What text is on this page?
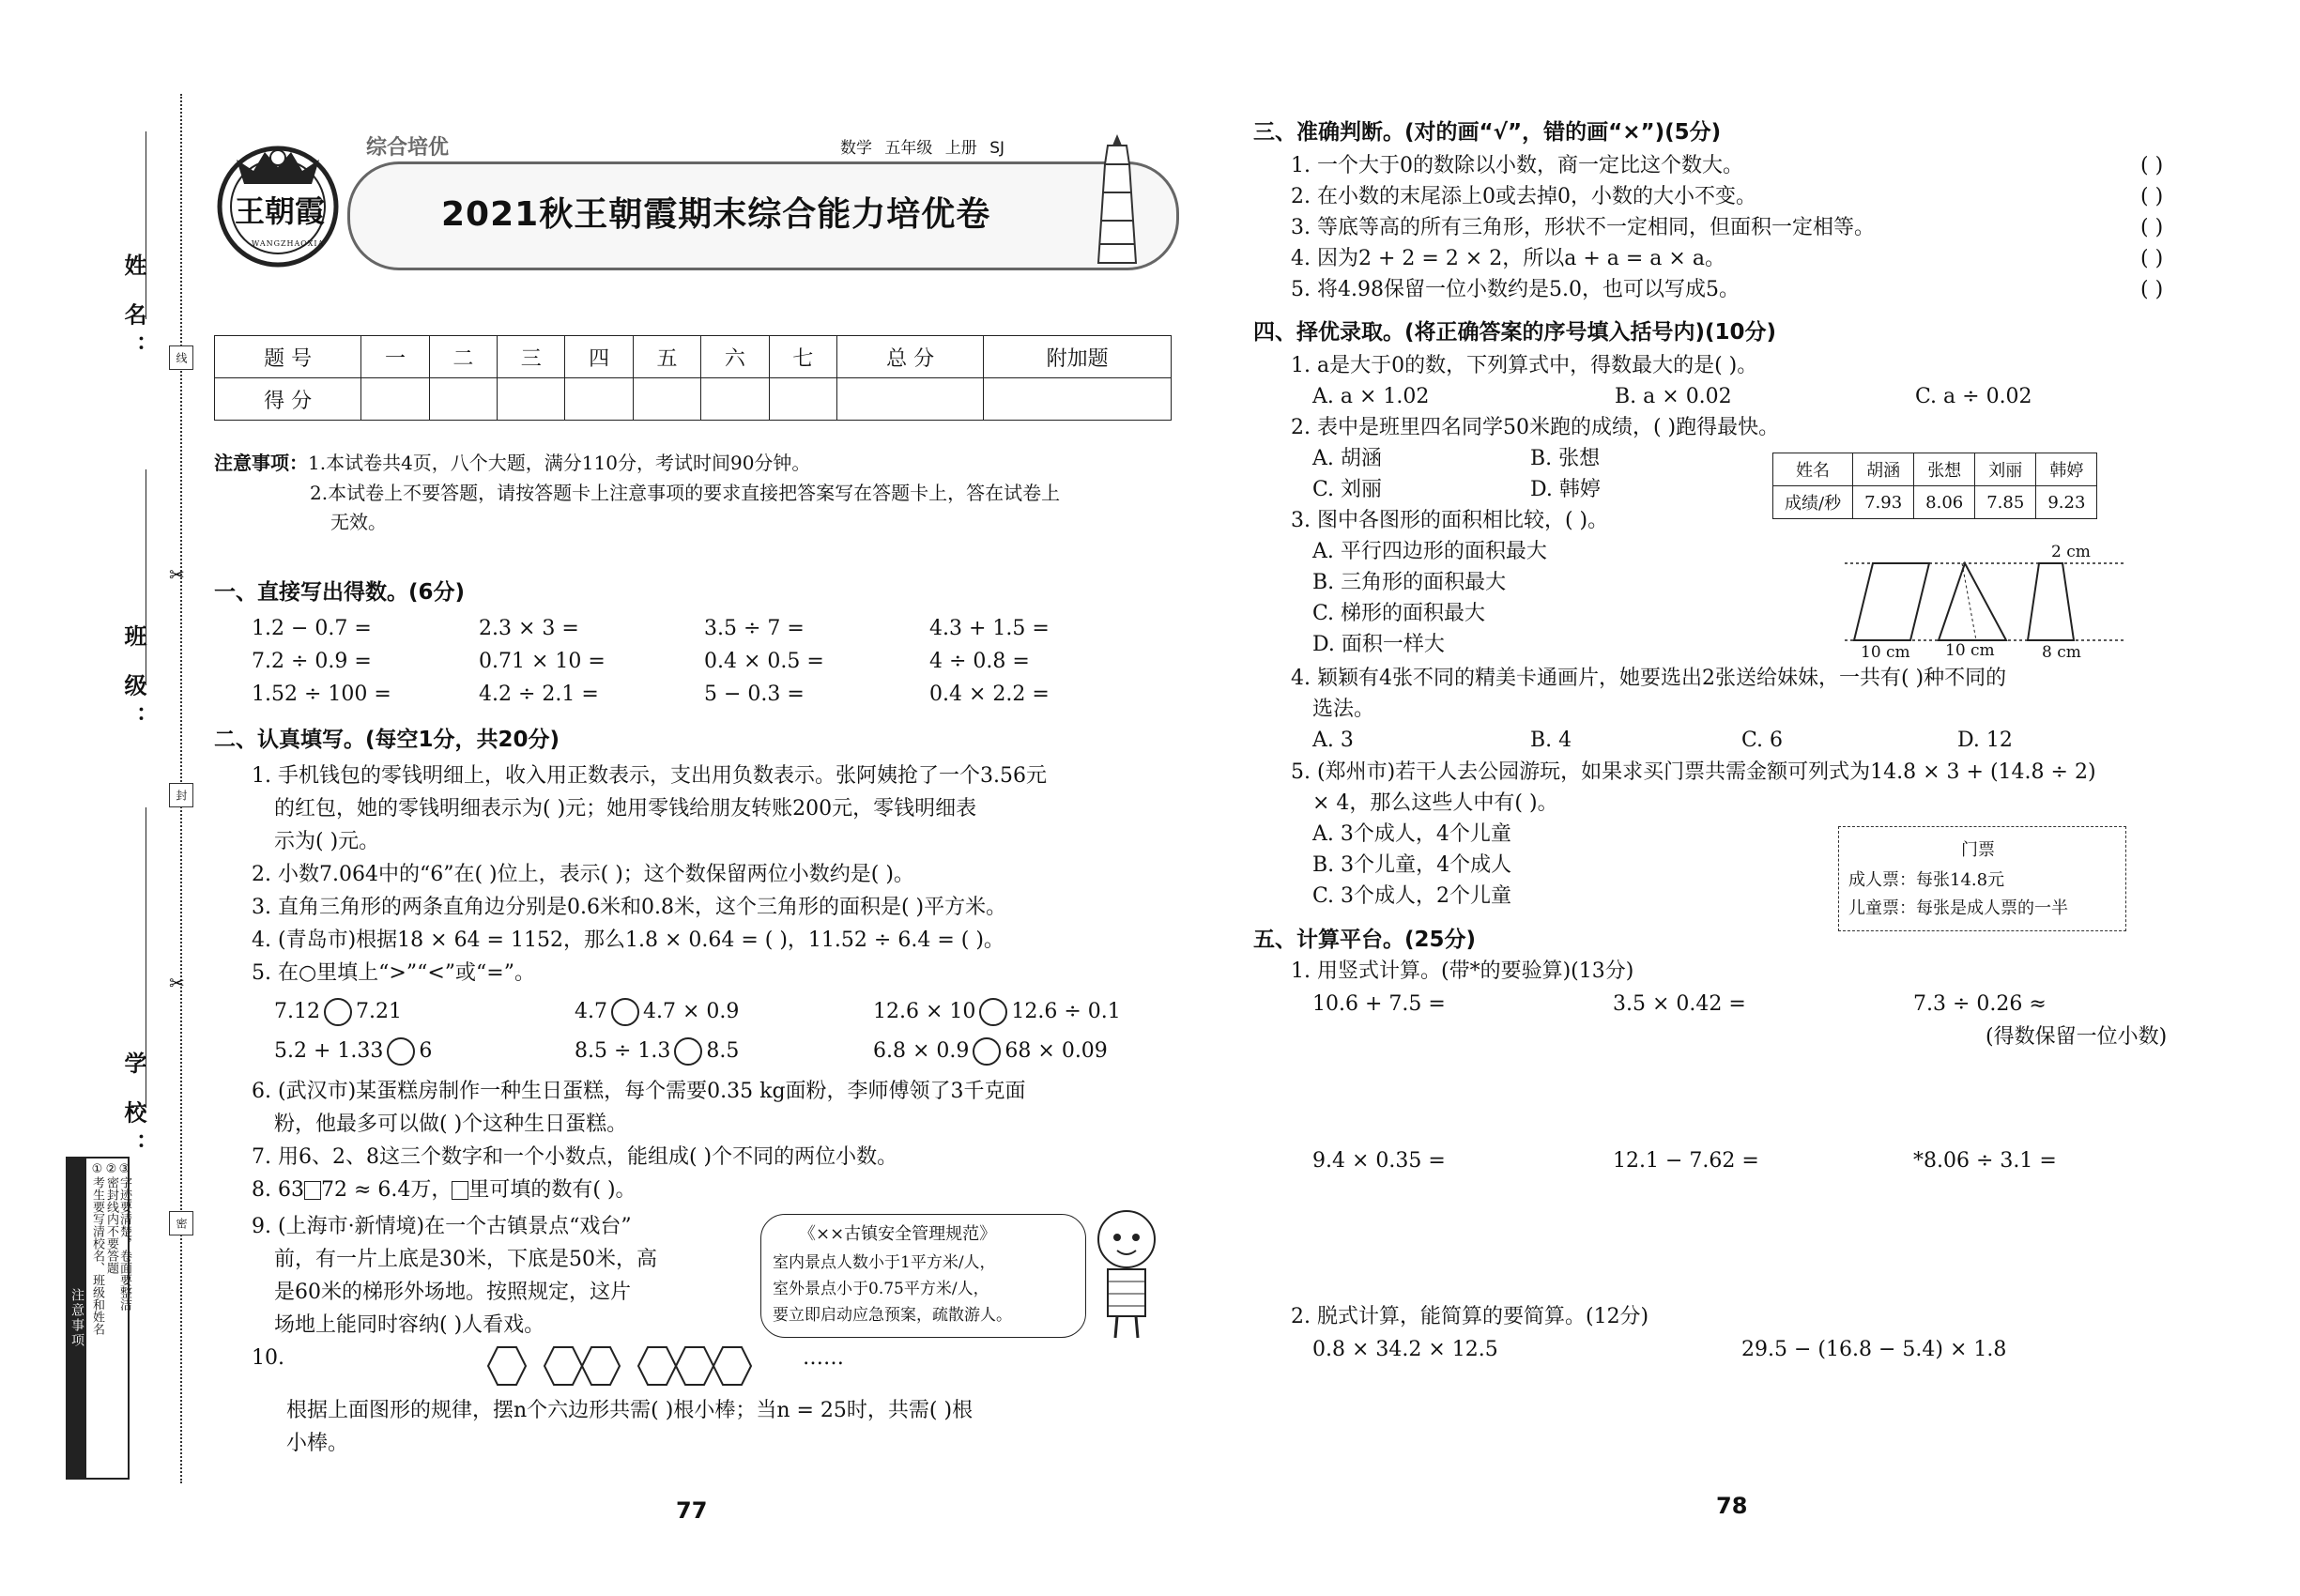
姓 名：
班 级：
学 校：
线
封
密
✂
✂
注意事项 ①考生要写清校名、班级和姓名 ②密封线内不要答题 ③字迹要清楚，卷面要整洁
王朝霞
WANGZHAOXIA
综合培优	数学 五年级 上册 SJ
2021秋王朝霞期末综合能力培优卷
题 号	一	二	三	四	五	六	七	总 分	附加题
得 分									
注意事项：1.本试卷共4页，八个大题，满分110分，考试时间90分钟。
2.本试卷上不要答题，请按答题卡上注意事项的要求直接把答案写在答题卡上，答在试卷上
无效。
一、直接写出得数。(6分)
1.2 − 0.7 =	2.3 × 3 =	3.5 ÷ 7 =	4.3 + 1.5 =
7.2 ÷ 0.9 =	0.71 × 10 =	0.4 × 0.5 =	4 ÷ 0.8 =
1.52 ÷ 100 =	4.2 ÷ 2.1 =	5 − 0.3 =	0.4 × 2.2 =
二、认真填写。(每空1分，共20分)
1. 手机钱包的零钱明细上，收入用正数表示，支出用负数表示。张阿姨抢了一个3.56元
的红包，她的零钱明细表示为( )元；她用零钱给朋友转账200元，零钱明细表
示为( )元。
2. 小数7.064中的“6”在( )位上，表示( )；这个数保留两位小数约是( )。
3. 直角三角形的两条直角边分别是0.6米和0.8米，这个三角形的面积是( )平方米。
4. (青岛市)根据18 × 64 = 1152，那么1.8 × 0.64 = ( )，11.52 ÷ 6.4 = ( )。
5. 在○里填上“>”“<”或“=”。
7.12 7.21	4.7 4.7 × 0.9	12.6 × 10 12.6 ÷ 0.1
5.2 + 1.33 6	8.5 ÷ 1.3 8.5	6.8 × 0.9 68 × 0.09
6. (武汉市)某蛋糕房制作一种生日蛋糕，每个需要0.35 kg面粉，李师傅领了3千克面
粉，他最多可以做( )个这种生日蛋糕。
7. 用6、2、8这三个数字和一个小数点，能组成( )个不同的两位小数。
8. 63 72 ≈ 6.4万， 里可填的数有( )。
9. (上海市·新情境)在一个古镇景点“戏台”
前，有一片上底是30米，下底是50米，高
是60米的梯形外场地。按照规定，这片
场地上能同时容纳( )人看戏。
《××古镇安全管理规范》
室内景点人数小于1平方米/人，
室外景点小于0.75平方米/人，
要立即启动应急预案，疏散游人。
10.	……
根据上面图形的规律，摆n个六边形共需( )根小棒；当n = 25时，共需( )根
小棒。
77
三、准确判断。(对的画“√”，错的画“×”)(5分)
1. 一个大于0的数除以小数，商一定比这个数大。
2. 在小数的末尾添上0或去掉0，小数的大小不变。
3. 等底等高的所有三角形，形状不一定相同，但面积一定相等。
4. 因为2 + 2 = 2 × 2，所以a + a = a × a。
5. 将4.98保留一位小数约是5.0，也可以写成5。
( )
( )
( )
( )
( )
四、择优录取。(将正确答案的序号填入括号内)(10分)
1. a是大于0的数，下列算式中，得数最大的是( )。
A. a × 1.02	B. a × 0.02	C. a ÷ 0.02
2. 表中是班里四名同学50米跑的成绩，( )跑得最快。
A. 胡涵	B. 张想
C. 刘丽	D. 韩婷
姓名	胡涵	张想	刘丽	韩婷
成绩/秒	7.93	8.06	7.85	9.23
3. 图中各图形的面积相比较，( )。
A. 平行四边形的面积最大
B. 三角形的面积最大
C. 梯形的面积最大
D. 面积一样大
2 cm
10 cm 10 cm	8 cm
4. 颖颖有4张不同的精美卡通画片，她要选出2张送给妹妹，一共有( )种不同的
选法。
A. 3	B. 4	C. 6	D. 12
5. (郑州市)若干人去公园游玩，如果求买门票共需金额可列式为14.8 × 3 + (14.8 ÷ 2)
× 4，那么这些人中有( )。
A. 3个成人，4个儿童
B. 3个儿童，4个成人
C. 3个成人，2个儿童
门票
成人票：每张14.8元
儿童票：每张是成人票的一半
五、计算平台。(25分)
1. 用竖式计算。(带*的要验算)(13分)
10.6 + 7.5 =	3.5 × 0.42 =	7.3 ÷ 0.26 ≈
(得数保留一位小数)
9.4 × 0.35 =	12.1 − 7.62 =	*8.06 ÷ 3.1 =
2. 脱式计算，能简算的要简算。(12分)
0.8 × 34.2 × 12.5	29.5 − (16.8 − 5.4) × 1.8
78
